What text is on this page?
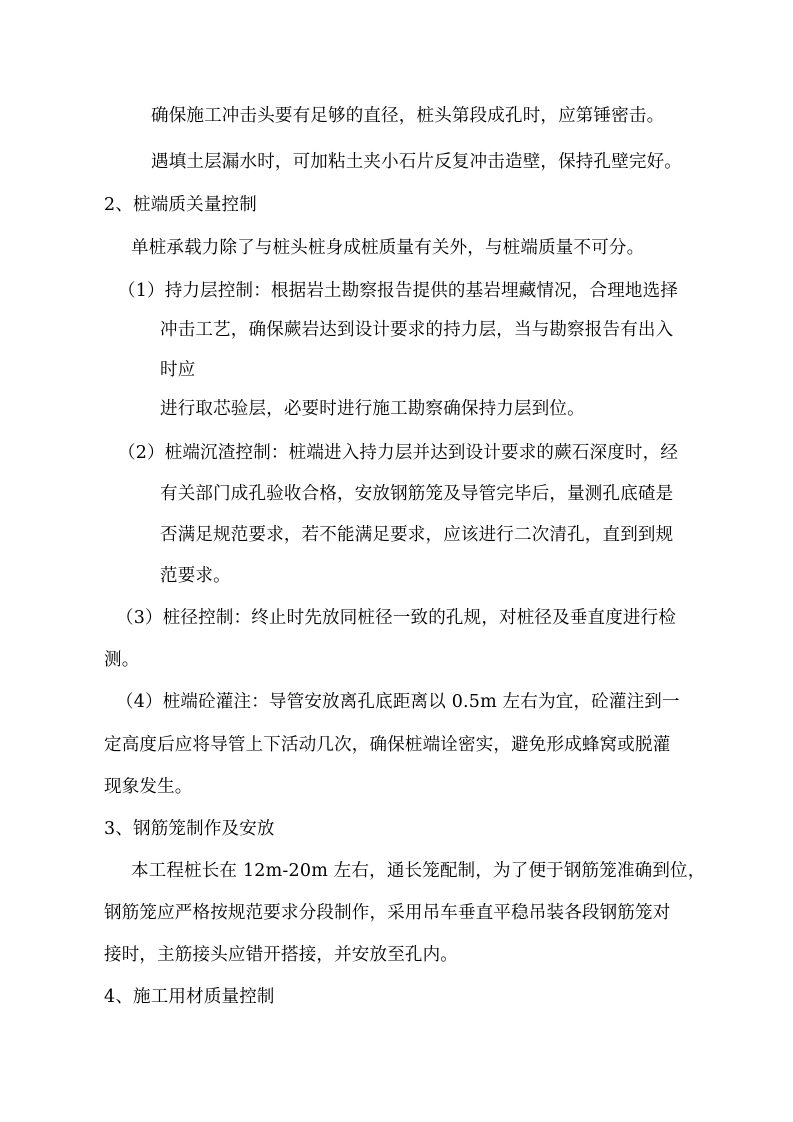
确保施工冲击头要有足够的直径，桩头第段成孔时，应第锤密击。
遇填土层漏水时，可加粘土夹小石片反复冲击造壁，保持孔壁完好。
2、桩端质关量控制
单桩承载力除了与桩头桩身成桩质量有关外，与桩端质量不可分。
（1）持力层控制：根据岩土勘察报告提供的基岩埋藏情况，合理地选择
冲击工艺，确保蕨岩达到设计要求的持力层，当与勘察报告有出入
时应
进行取芯验层，必要时进行施工勘察确保持力层到位。
（2）桩端沉渣控制：桩端进入持力层并达到设计要求的蕨石深度时，经
有关部门成孔验收合格，安放钢筋笼及导管完毕后，量测孔底碴是
否满足规范要求，若不能满足要求，应该进行二次清孔，直到到规
范要求。
（3）桩径控制：终止时先放同桩径一致的孔规，对桩径及垂直度进行检
测。
（4）桩端砼灌注：导管安放离孔底距离以 0.5m 左右为宜，砼灌注到一
定高度后应将导管上下活动几次，确保桩端诠密实，避免形成蜂窝或脱灌
现象发生。
3、钢筋笼制作及安放
本工程桩长在 12m-20m 左右，通长笼配制，为了便于钢筋笼准确到位，
钢筋笼应严格按规范要求分段制作，采用吊车垂直平稳吊装各段钢筋笼对
接时，主筋接头应错开搭接，并安放至孔内。
4、施工用材质量控制
